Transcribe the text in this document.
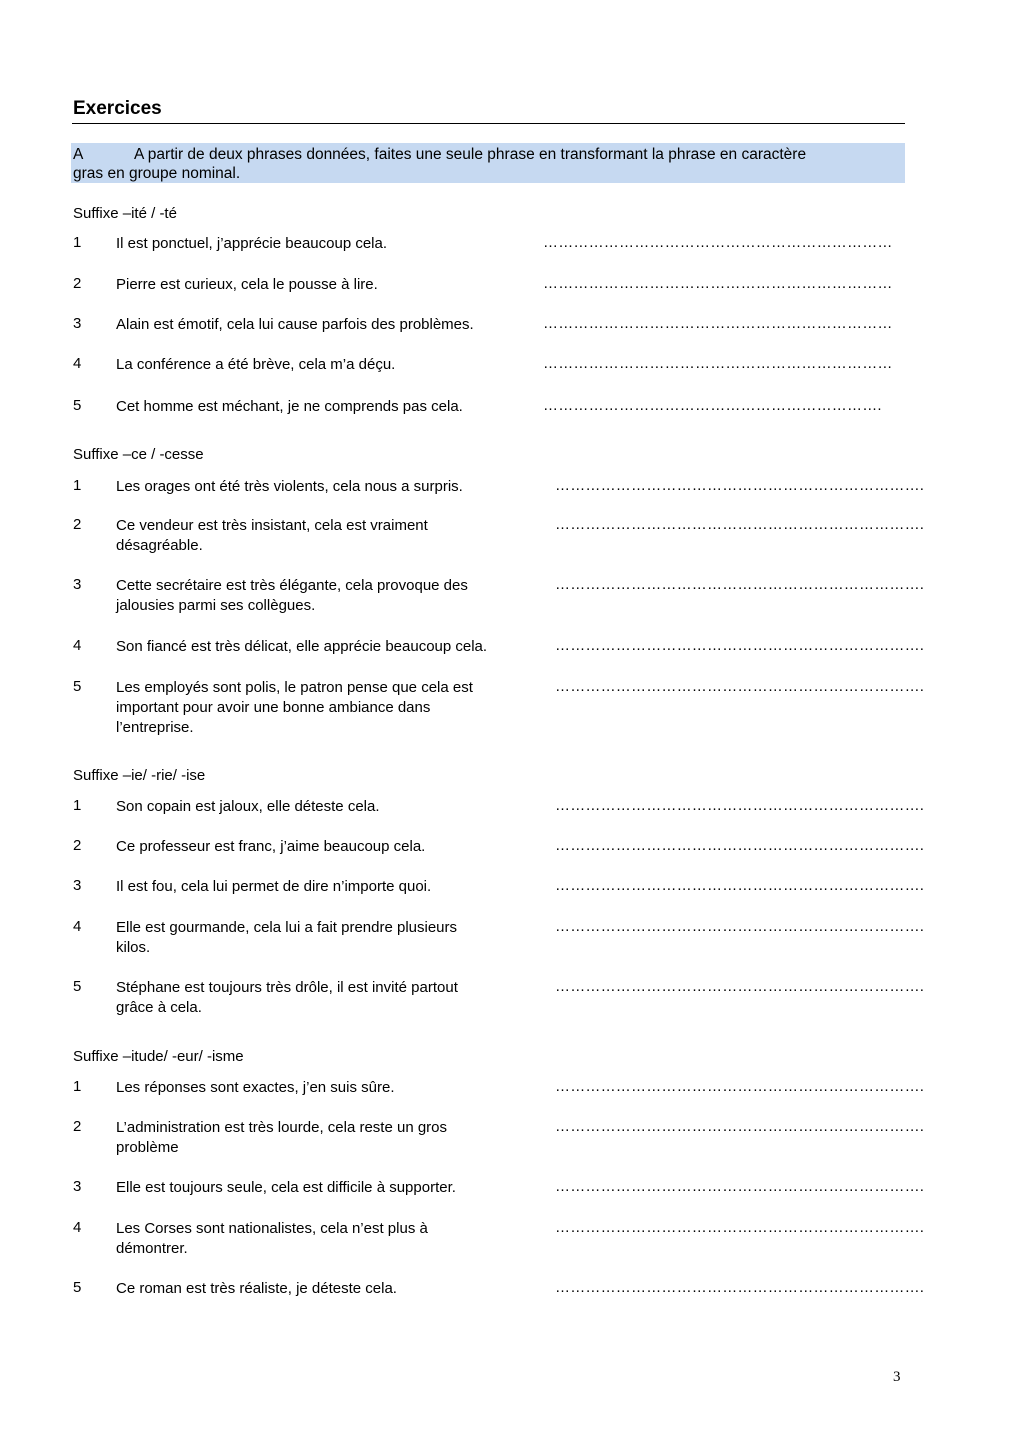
Exercices
A	A partir de deux phrases données, faites une seule phrase en transformant la phrase en caractère
gras en groupe nominal.
Suffixe –ité / -té
1 Il est ponctuel, j’apprécie beaucoup cela.	……………………………………………………………
2 Pierre est curieux, cela le pousse à lire.	……………………………………………………………
3 Alain est émotif, cela lui cause parfois des problèmes.	……………………………………………………………
4 La conférence a été brève, cela m’a déçu.	……………………………………………………………
5 Cet homme est méchant, je ne comprends pas cela.	………………………………………………………….
Suffixe –ce / -cesse
1 Les orages ont été très violents, cela nous a surpris.	……………………………………………………………….
2 Ce vendeur est très insistant, cela est vraiment
désagréable.
……………………………………………………………….
3 Cette secrétaire est très élégante, cela provoque des
jalousies parmi ses collègues.
……………………………………………………………….
4 Son fiancé est très délicat, elle apprécie beaucoup cela.	……………………………………………………………….
5 Les employés sont polis, le patron pense que cela est
important pour avoir une bonne ambiance dans
l’entreprise.
……………………………………………………………….
Suffixe –ie/ -rie/ -ise
1 Son copain est jaloux, elle déteste cela.	……………………………………………………………….
2 Ce professeur est franc, j’aime beaucoup cela.	……………………………………………………………….
3 Il est fou, cela lui permet de dire n’importe quoi.	……………………………………………………………….
4 Elle est gourmande, cela lui a fait prendre plusieurs
kilos.
……………………………………………………………….
5 Stéphane est toujours très drôle, il est invité partout
grâce à cela.
……………………………………………………………….
Suffixe –itude/ -eur/ -isme
1 Les réponses sont exactes, j’en suis sûre.	……………………………………………………………….
2 L’administration est très lourde, cela reste un gros
problème
……………………………………………………………….
3 Elle est toujours seule, cela est difficile à supporter.	……………………………………………………………….
4 Les Corses sont nationalistes, cela n’est plus à
démontrer.
……………………………………………………………….
5 Ce roman est très réaliste, je déteste cela.	……………………………………………………………….
3
